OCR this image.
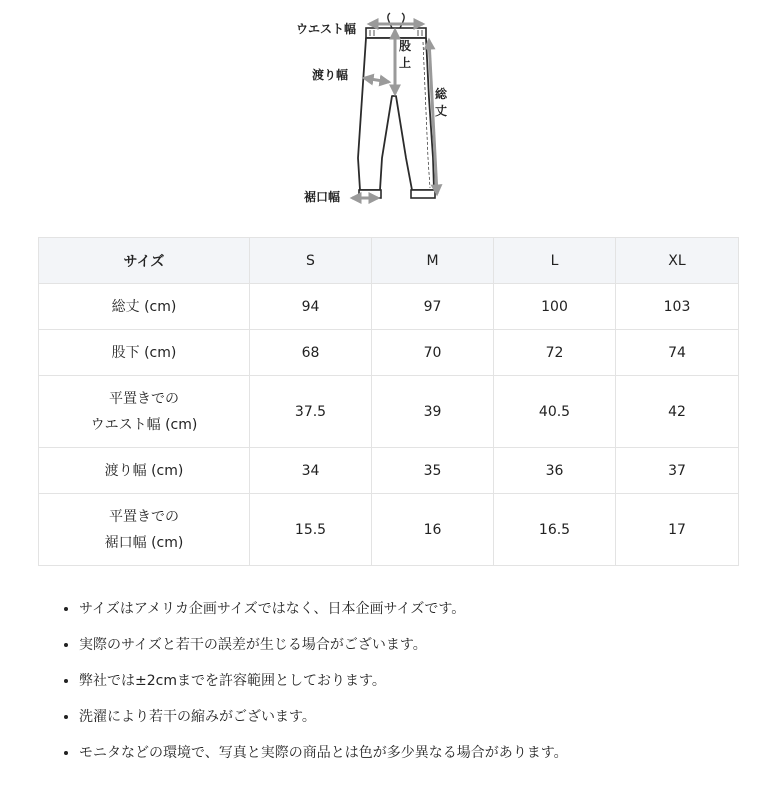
ウエスト幅
股上
渡り幅
総丈
裾口幅
サイズ	S	M	L	XL

総丈 (cm)	94	97	100	103

股下 (cm)	68	70	72	74

平置きでの
ウエスト幅 (cm)	37.5	39	40.5	42

渡り幅 (cm)	34	35	36	37

平置きでの
裾口幅 (cm)	15.5	16	16.5	17
• サイズはアメリカ企画サイズではなく、日本企画サイズです。
• 実際のサイズと若干の誤差が生じる場合がございます。
• 弊社では±2cmまでを許容範囲としております。
• 洗濯により若干の縮みがございます。
• モニタなどの環境で、写真と実際の商品とは色が多少異なる場合があります。
